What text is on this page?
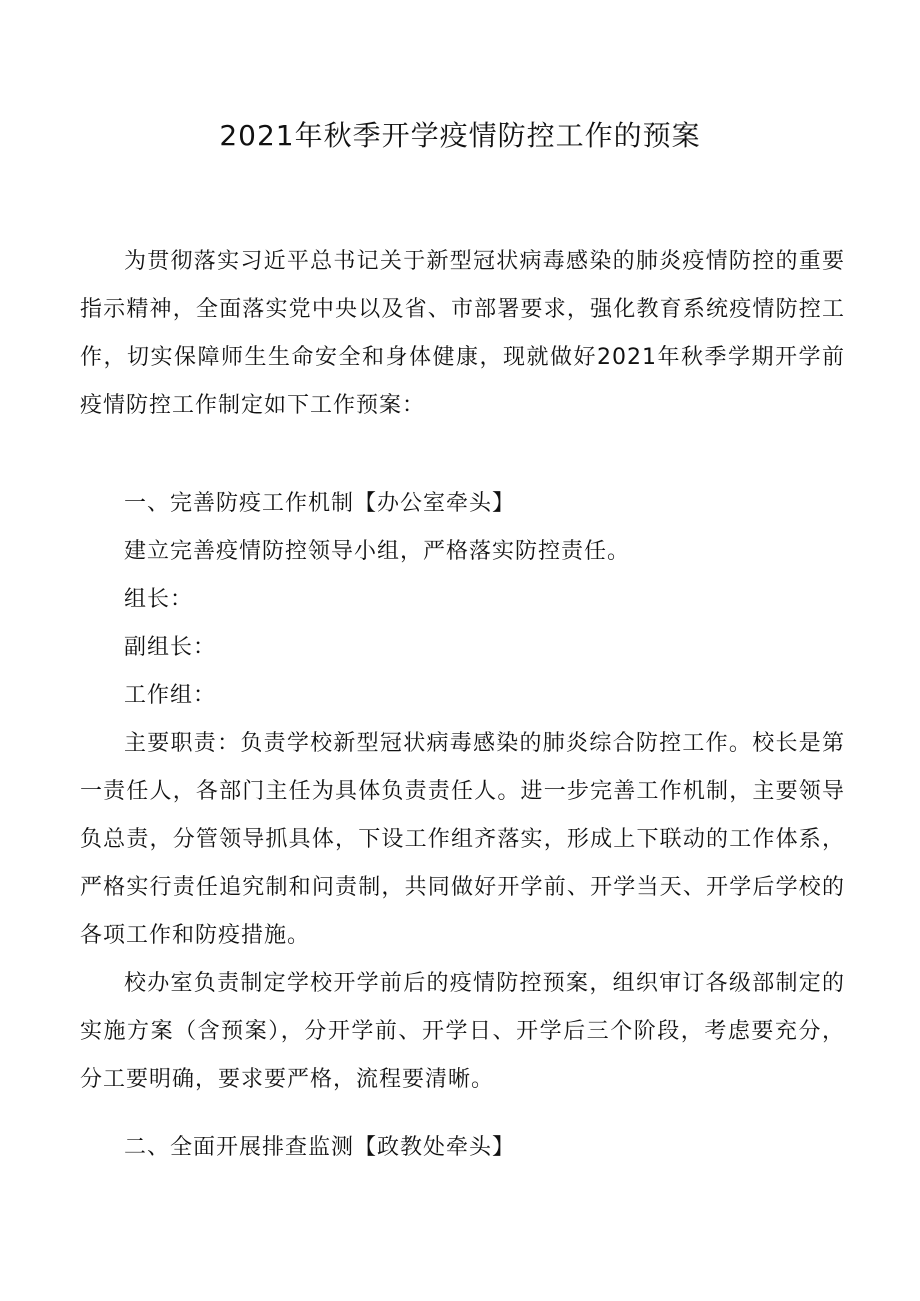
2021年秋季开学疫情防控工作的预案
为贯彻落实习近平总书记关于新型冠状病毒感染的肺炎疫情防控的重要指示精神，全面落实党中央以及省、市部署要求，强化教育系统疫情防控工作，切实保障师生生命安全和身体健康，现就做好2021年秋季学期开学前疫情防控工作制定如下工作预案：
一、完善防疫工作机制【办公室牵头】
建立完善疫情防控领导小组，严格落实防控责任。
组长：
副组长：
工作组：
主要职责：负责学校新型冠状病毒感染的肺炎综合防控工作。校长是第一责任人，各部门主任为具体负责责任人。进一步完善工作机制，主要领导负总责，分管领导抓具体，下设工作组齐落实，形成上下联动的工作体系，严格实行责任追究制和问责制，共同做好开学前、开学当天、开学后学校的各项工作和防疫措施。
校办室负责制定学校开学前后的疫情防控预案，组织审订各级部制定的实施方案（含预案），分开学前、开学日、开学后三个阶段，考虑要充分，分工要明确，要求要严格，流程要清晰。
二、全面开展排查监测【政教处牵头】
